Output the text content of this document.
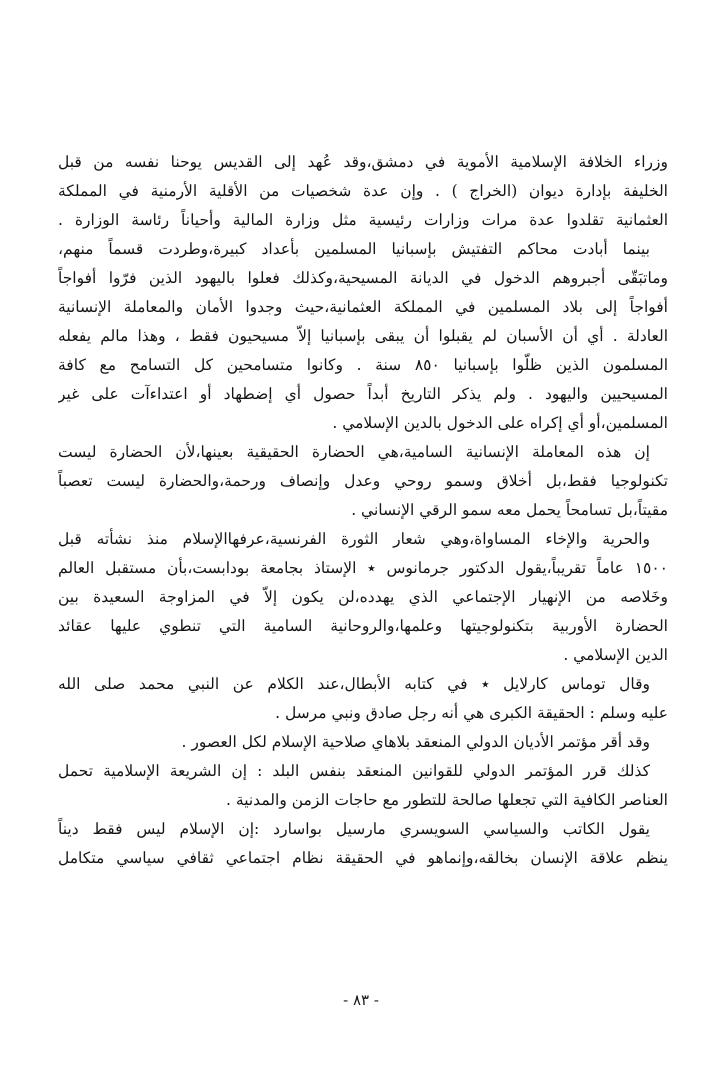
وزراء الخلافة الإسلامية الأموية في دمشق،وقد عُهد إلى القديس يوحنا نفسه من قبل
الخليفة بإدارة ديوان (الخراج ) . وإن عدة شخصيات من الأقلية الأرمنية في المملكة
العثمانية تقلدوا عدة مرات وزارات رئيسية مثل وزارة المالية وأحياناً رئاسة الوزارة .
بينما أبادت محاكم التفتيش بإسبانيا المسلمين بأعداد كبيرة،وطردت قسماً منهم،
وماتبَقّى أجبروهم الدخول في الديانة المسيحية،وكذلك فعلوا باليهود الذين فرّوا أفواجاً
أفواجاً إلى بلاد المسلمين في المملكة العثمانية،حيث وجدوا الأمان والمعاملة الإنسانية
العادلة . أي أن الأسبان لم يقبلوا أن يبقى بإسبانيا إلاّ مسيحيون فقط ، وهذا مالم يفعله
المسلمون الذين ظلّوا بإسبانيا ٨٥٠ سنة . وكانوا متسامحين كل التسامح مع كافة
المسيحيين واليهود . ولم يذكر التاريخ أبداً حصول أي إضطهاد أو اعتداءآت على غير
المسلمين،أو أي إكراه على الدخول بالدين الإسلامي .
إن هذه المعاملة الإنسانية السامية،هي الحضارة الحقيقية بعينها،لأن الحضارة ليست
تكنولوجيا فقط،بل أخلاق وسمو روحي وعدل وإنصاف ورحمة،والحضارة ليست تعصباً
مقيتاً،بل تسامحاً يحمل معه سمو الرقي الإنساني .
والحرية والإخاء المساواة،وهي شعار الثورة الفرنسية،عرفهاالإسلام منذ نشأته قبل
١٥٠٠ عاماً تقريباً،يقول الدكتور جرمانوس ٭ الإستاذ بجامعة بودابست،بأن مستقبل العالم
وخَلاصه من الإنهيار الإجتماعي الذي يهدده،لن يكون إلاّ في المزاوجة السعيدة بين
الحضارة الأوربية بتكنولوجيتها وعلمها،والروحانية السامية التي تنطوي عليها عقائد
الدين الإسلامي .
وقال توماس كارلايل ٭ في كتابه الأبطال،عند الكلام عن النبي محمد صلى الله
عليه وسلم : الحقيقة الكبرى هي أنه رجل صادق ونبي مرسل .
وقد أقر مؤتمر الأديان الدولي المنعقد بلاهاي صلاحية الإسلام لكل العصور .
كذلك قرر المؤتمر الدولي للقوانين المنعقد بنفس البلد : إن الشريعة الإسلامية تحمل
العناصر الكافية التي تجعلها صالحة للتطور مع حاجات الزمن والمدنية .
يقول الكاتب والسياسي السويسري مارسيل بواسارد :إن الإسلام ليس فقط ديناً
ينظم علاقة الإنسان بخالقه،وإنماهو في الحقيقة نظام اجتماعي ثقافي سياسي متكامل
- ٨٣ -
